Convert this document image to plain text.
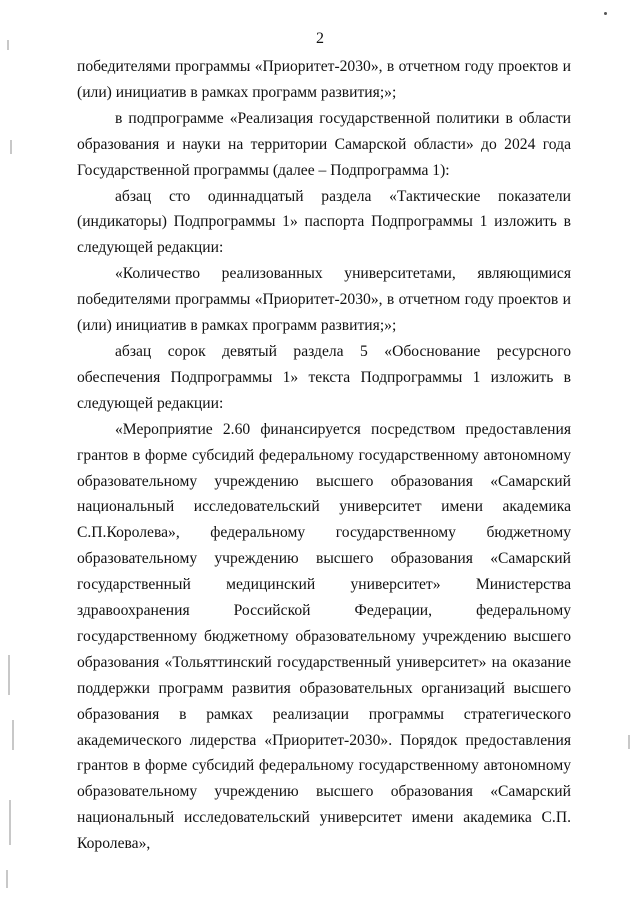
2

победителями программы «Приоритет-2030», в отчетном году проектов и (или) инициатив в рамках программ развития;»;

в подпрограмме «Реализация государственной политики в области образования и науки на территории Самарской области» до 2024 года Государственной программы (далее – Подпрограмма 1):

абзац сто одиннадцатый раздела «Тактические показатели (индикаторы) Подпрограммы 1» паспорта Подпрограммы 1 изложить в следующей редакции:

«Количество реализованных университетами, являющимися победителями программы «Приоритет-2030», в отчетном году проектов и (или) инициатив в рамках программ развития;»;

абзац сорок девятый раздела 5 «Обоснование ресурсного обеспечения Подпрограммы 1» текста Подпрограммы 1 изложить в следующей редакции:

«Мероприятие 2.60 финансируется посредством предоставления грантов в форме субсидий федеральному государственному автономному образовательному учреждению высшего образования «Самарский национальный исследовательский университет имени академика С.П.Королева», федеральному государственному бюджетному образовательному учреждению высшего образования «Самарский государственный медицинский университет» Министерства здравоохранения Российской Федерации, федеральному государственному бюджетному образовательному учреждению высшего образования «Тольяттинский государственный университет» на оказание поддержки программ развития образовательных организаций высшего образования в рамках реализации программы стратегического академического лидерства «Приоритет-2030». Порядок предоставления грантов в форме субсидий федеральному государственному автономному образовательному учреждению высшего образования «Самарский национальный исследовательский университет имени академика С.П. Королева»,
